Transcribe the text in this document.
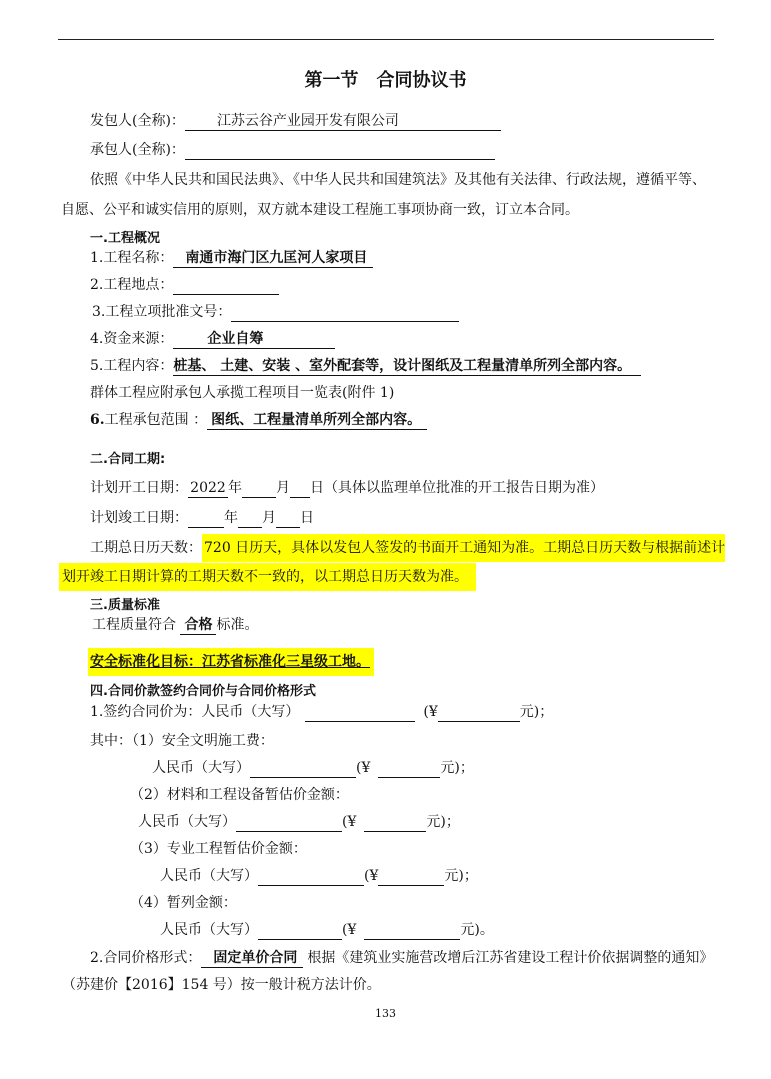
第一节　合同协议书
发包人(全称)： 江苏云谷产业园开发有限公司
承包人(全称)：
依照《中华人民共和国民法典》、《中华人民共和国建筑法》及其他有关法律、行政法规，遵循平等、
自愿、公平和诚实信用的原则，双方就本建设工程施工事项协商一致，订立本合同。
一.工程概况
1.工程名称： 南通市海门区九匡河人家项目
2.工程地点：
3.工程立项批准文号：
4.资金来源： 企业自筹
5.工程内容：桩基、 土建、安装 、室外配套等，设计图纸及工程量清单所列全部内容。
群体工程应附承包人承揽工程项目一览表(附件 1)
6.工程承包范围 ： 图纸、工程量清单所列全部内容。
二.合同工期:
计划开工日期： 2022 年 月 日（具体以监理单位批准的开工报告日期为准）
计划竣工日期：	年 月 日
工期总日历天数： 720 日历天，具体以发包人签发的书面开工通知为准。工期总日历天数与根据前述计
划开竣工日期计算的工期天数不一致的，以工期总日历天数为准。
三.质量标准
工程质量符合 合格 标准。
安全标准化目标：江苏省标准化三星级工地。
四.合同价款签约合同价与合同价格形式
1.签约合同价为：人民币（大写）	(¥	元)；
其中：（1）安全文明施工费：
人民币（大写）	(¥	元)；
（2）材料和工程设备暂估价金额：
人民币（大写）	(¥	元)；
（3）专业工程暂估价金额：
人民币（大写）	(¥	元)；
（4）暂列金额：
人民币（大写）	(¥	元)。
2.合同价格形式： 固定单价合同 根据《建筑业实施营改增后江苏省建设工程计价依据调整的通知》
（苏建价【2016】154 号）按一般计税方法计价。
133
